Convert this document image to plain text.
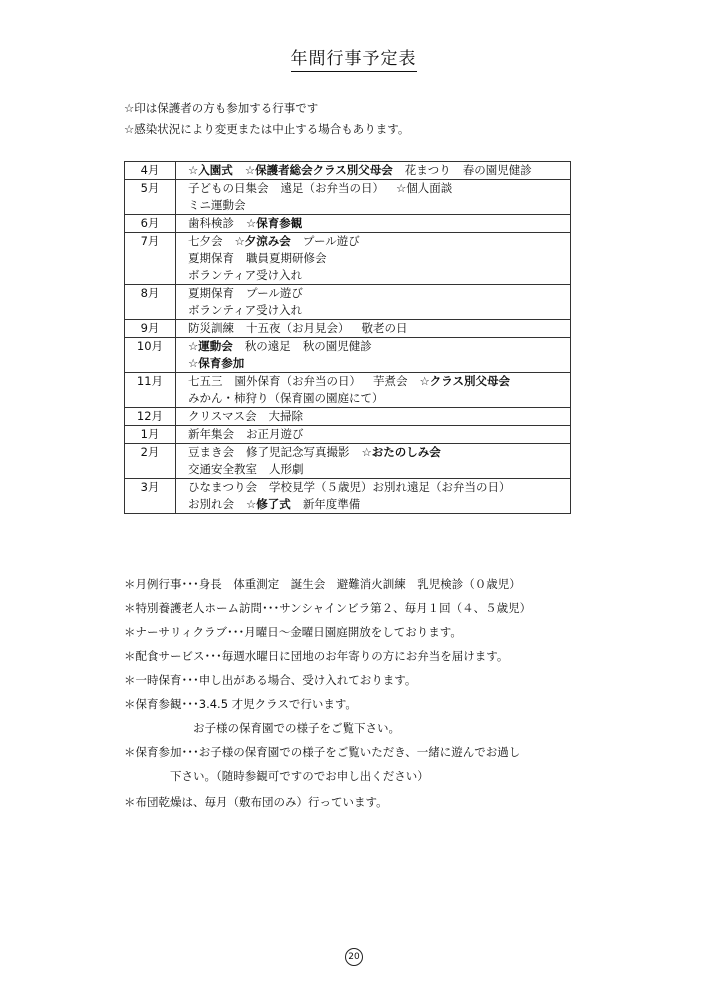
年間行事予定表
☆印は保護者の方も参加する行事です
☆感染状況により変更または中止する場合もあります。
4月	☆入園式 ☆保護者総会クラス別父母会 花まつり 春の園児健診

5月	子どもの日集会 遠足（お弁当の日） ☆個人面談
ミニ運動会

6月	歯科検診 ☆保育参観

7月	七夕会 ☆夕涼み会 プール遊び
夏期保育 職員夏期研修会
ボランティア受け入れ

8月	夏期保育 プール遊び
ボランティア受け入れ

9月	防災訓練 十五夜（お月見会） 敬老の日

10月	☆運動会 秋の遠足 秋の園児健診
☆保育参加

11月	七五三 園外保育（お弁当の日） 芋煮会 ☆クラス別父母会
みかん・柿狩り（保育園の園庭にて）

12月	クリスマス会 大掃除

1月	新年集会 お正月遊び

2月	豆まき会 修了児記念写真撮影 ☆おたのしみ会
交通安全教室 人形劇

3月	ひなまつり会 学校見学（５歳児）お別れ遠足（お弁当の日）
お別れ会 ☆修了式 新年度準備
＊月例行事･･･身長　体重測定　誕生会　避難消火訓練　乳児検診（０歳児）
＊特別養護老人ホーム訪問･･･サンシャインビラ第２、毎月１回（４、５歳児）
＊ナーサリィクラブ･･･月曜日～金曜日園庭開放をしております。
＊配食サービス･･･毎週水曜日に団地のお年寄りの方にお弁当を届けます。
＊一時保育･･･申し出がある場合、受け入れております。
＊保育参観･･･3.4.5 才児クラスで行います。
　　　　　　お子様の保育園での様子をご覧下さい。
＊保育参加･･･お子様の保育園での様子をご覧いただき、一緒に遊んでお過し
　　　　下さい。（随時参観可ですのでお申し出ください）
＊布団乾燥は、毎月（敷布団のみ）行っています。
20
